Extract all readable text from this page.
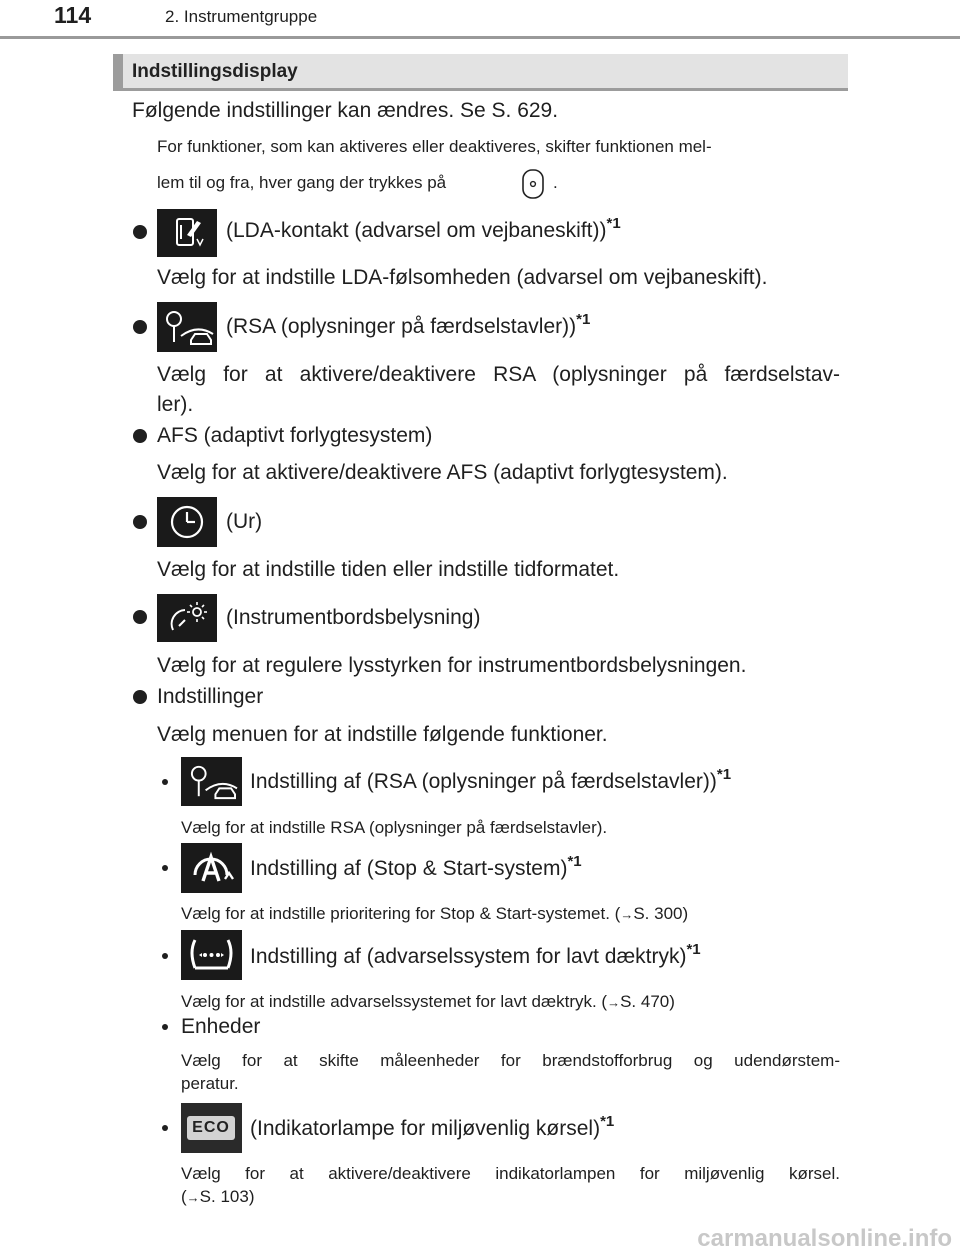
114	2. Instrumentgruppe
Indstillingsdisplay
Følgende indstillinger kan ændres. Se S. 629.
For funktioner, som kan aktiveres eller deaktiveres, skifter funktionen mel-
lem til og fra, hver gang der trykkes på	.
(LDA-kontakt (advarsel om vejbaneskift))$^{*1}$
Vælg for at indstille LDA-følsomheden (advarsel om vejbaneskift).
(RSA (oplysninger på færdselstavler))$^{*1}$
Vælg for at aktivere/deaktivere RSA (oplysninger på færdselstav-
ler).
AFS (adaptivt forlygtesystem)
Vælg for at aktivere/deaktivere AFS (adaptivt forlygtesystem).
(Ur)
Vælg for at indstille tiden eller indstille tidformatet.
(Instrumentbordsbelysning)
Vælg for at regulere lysstyrken for instrumentbordsbelysningen.
Indstillinger
Vælg menuen for at indstille følgende funktioner.
Indstilling af (RSA (oplysninger på færdselstavler))$^{*1}$
Vælg for at indstille RSA (oplysninger på færdselstavler).
Indstilling af (Stop & Start-system)$^{*1}$
Vælg for at indstille prioritering for Stop & Start-systemet. (→S. 300)
Indstilling af (advarselssystem for lavt dæktryk)$^{*1}$
Vælg for at indstille advarselssystemet for lavt dæktryk. (→S. 470)
Enheder
Vælg for at skifte måleenheder for brændstofforbrug og udendørstem-
peratur.
ECO (Indikatorlampe for miljøvenlig kørsel)$^{*1}$
Vælg for at aktivere/deaktivere indikatorlampen for miljøvenlig kørsel.
(→S. 103)
carmanualsonline.info
